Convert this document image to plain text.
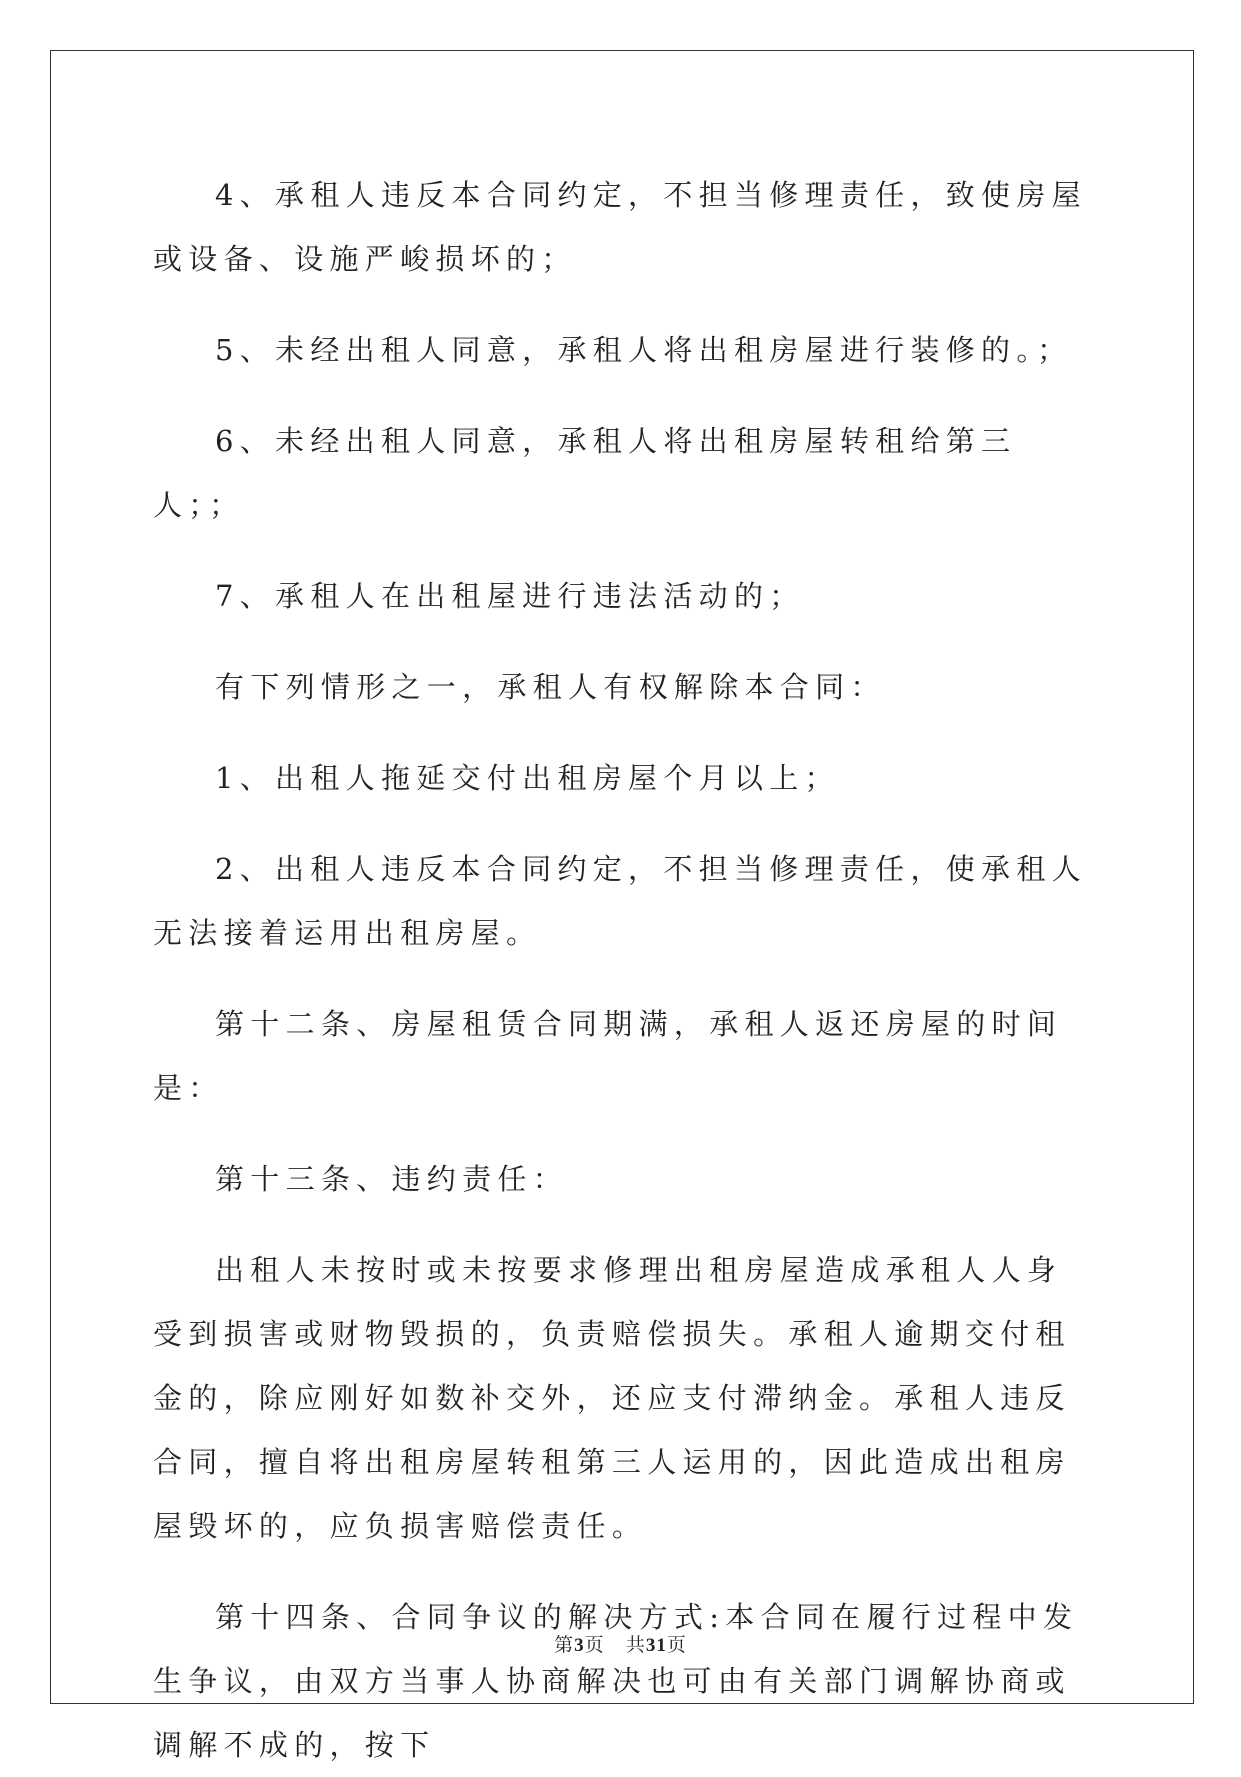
4、承租人违反本合同约定，不担当修理责任，致使房屋或设备、设施严峻损坏的；

5、未经出租人同意，承租人将出租房屋进行装修的。；

6、未经出租人同意，承租人将出租房屋转租给第三人；；

7、承租人在出租屋进行违法活动的；

有下列情形之一，承租人有权解除本合同：

1、出租人拖延交付出租房屋个月以上；

2、出租人违反本合同约定，不担当修理责任，使承租人无法接着运用出租房屋。

第十二条、房屋租赁合同期满，承租人返还房屋的时间是：

第十三条、违约责任：

出租人未按时或未按要求修理出租房屋造成承租人人身受到损害或财物毁损的，负责赔偿损失。承租人逾期交付租金的，除应刚好如数补交外，还应支付滞纳金。承租人违反合同，擅自将出租房屋转租第三人运用的，因此造成出租房屋毁坏的，应负损害赔偿责任。

第十四条、合同争议的解决方式:本合同在履行过程中发生争议，由双方当事人协商解决也可由有关部门调解协商或调解不成的，按下

第3页 共31页
